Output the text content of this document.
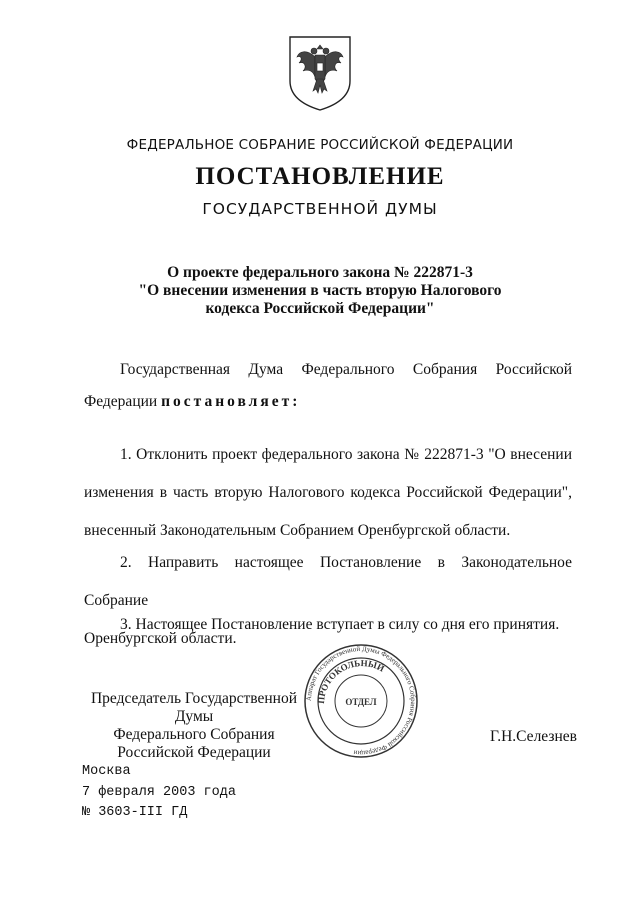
ФЕДЕРАЛЬНОЕ СОБРАНИЕ РОССИЙСКОЙ ФЕДЕРАЦИИ
ПОСТАНОВЛЕНИЕ
ГОСУДАРСТВЕННОЙ ДУМЫ
О проекте федерального закона № 222871-3
"О внесении изменения в часть вторую Налогового
кодекса Российской Федерации"
Государственная Дума Федерального Собрания Российской Федерации постановляет:
1. Отклонить проект федерального закона № 222871-3 "О внесении
изменения в часть вторую Налогового кодекса Российской Федерации",
внесенный Законодательным Собранием Оренбургской области.
2. Направить настоящее Постановление в Законодательное Собрание
Оренбургской области.
3. Настоящее Постановление вступает в силу со дня его принятия.
Председатель Государственной Думы
Федерального Собрания
Российской Федерации
Г.Н.Селезнев
Аппарат Государственной Думы Федерального Собрания Российской Федерации
ПРОТОКОЛЬНЫЙ
ОТДЕЛ
Москва
7 февраля 2003 года
№ 3603-III ГД
